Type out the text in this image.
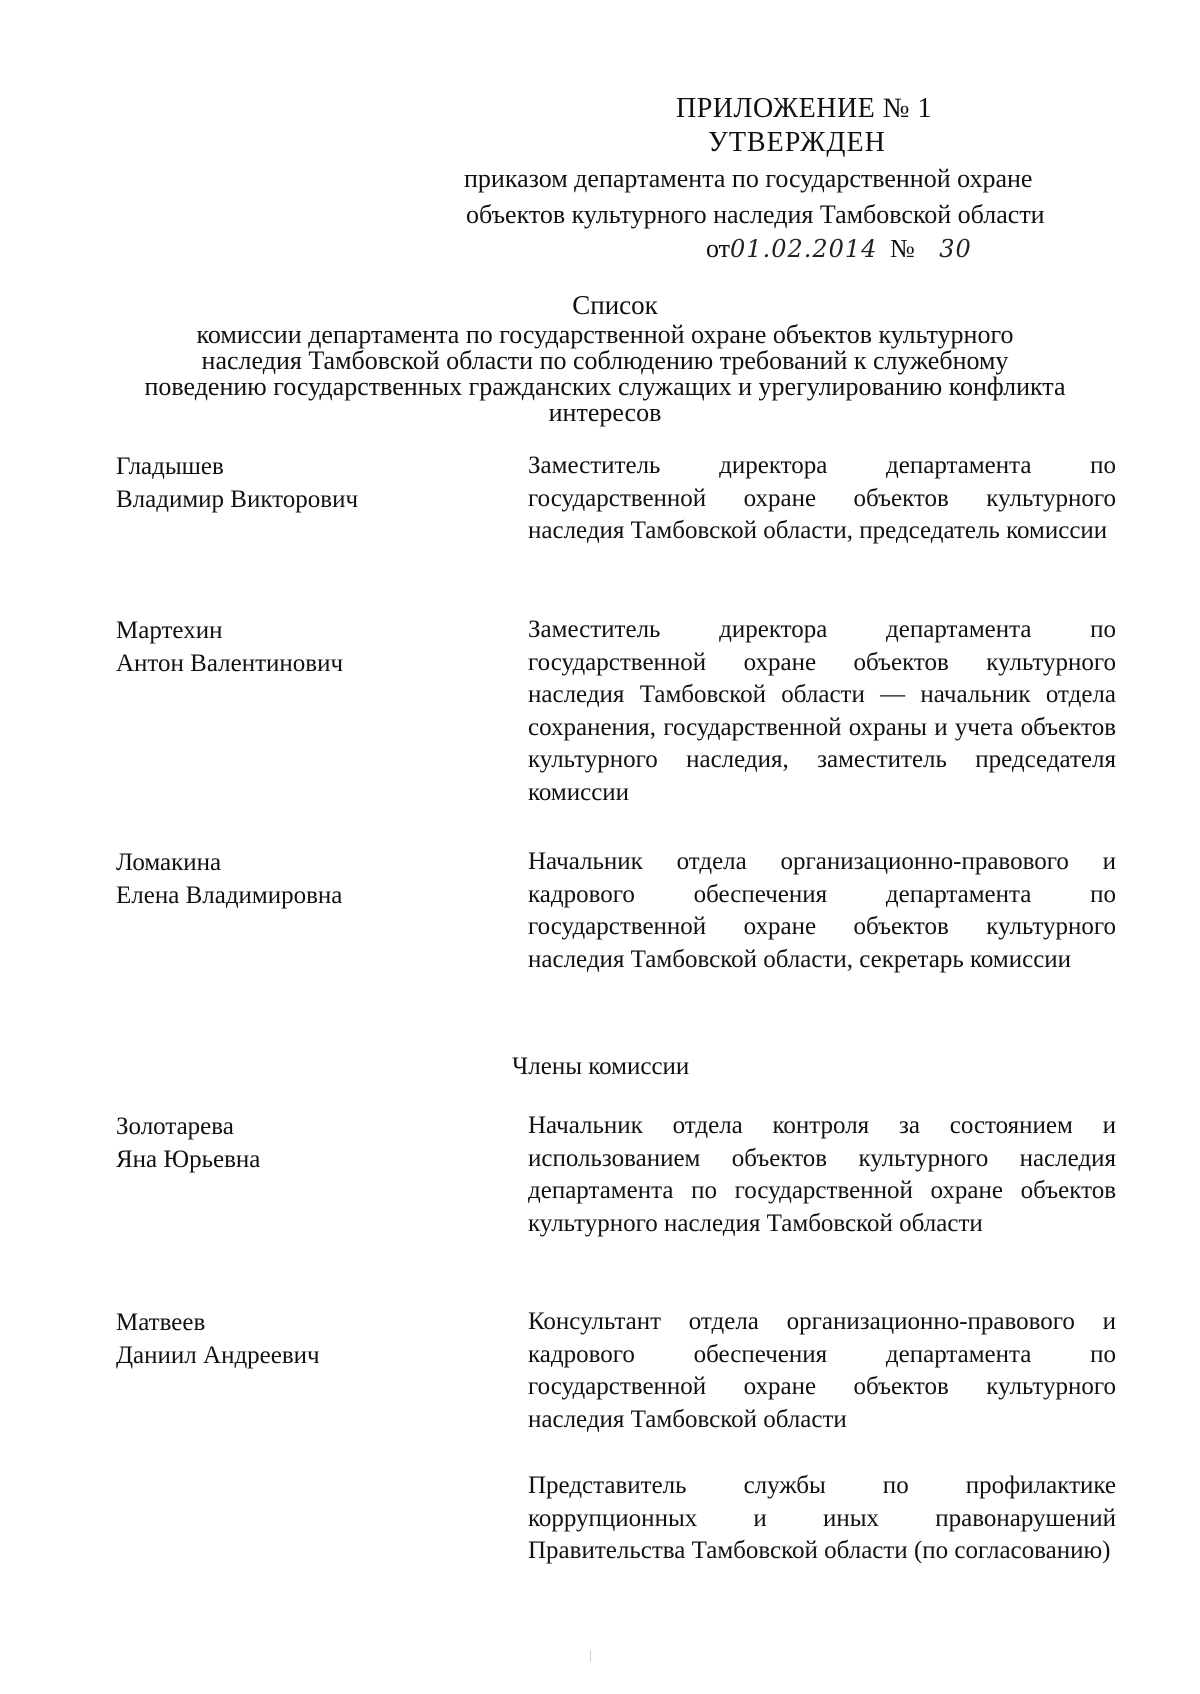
ПРИЛОЖЕНИЕ № 1
УТВЕРЖДЕН
приказом департамента по государственной охране
объектов культурного наследия Тамбовской области
от01.02.2014 № 30
Список
комиссии департамента по государственной охране объектов культурного
наследия Тамбовской области по соблюдению требований к служебному
поведению государственных гражданских служащих и урегулированию конфликта
интересов
Гладышев
Владимир Викторович

Заместитель директора департамента по государственной охране объектов культурного наследия Тамбовской области, председатель комиссии

Мартехин
Антон Валентинович

Заместитель директора департамента по государственной охране объектов культурного наследия Тамбовской области — начальник отдела сохранения, государственной охраны и учета объектов культурного наследия, заместитель председателя комиссии

Ломакина
Елена Владимировна

Начальник отдела организационно-правового и кадрового обеспечения департамента по государственной охране объектов культурного наследия Тамбовской области, секретарь комиссии

Члены комиссии
Золотарева
Яна Юрьевна

Начальник отдела контроля за состоянием и использованием объектов культурного наследия департамента по государственной охране объектов культурного наследия Тамбовской области

Матвеев
Даниил Андреевич

Консультант отдела организационно-правового и кадрового обеспечения департамента по государственной охране объектов культурного наследия Тамбовской области

Представитель службы по профилактике коррупционных и иных правонарушений Правительства Тамбовской области (по согласованию)
